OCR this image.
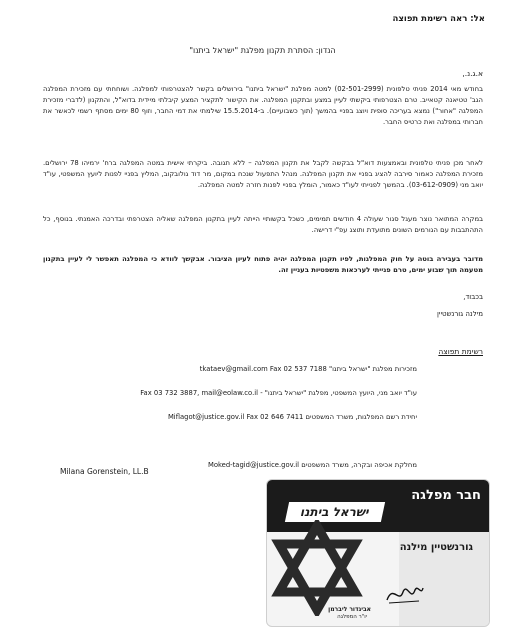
אל: ראה רשימת תפוצה
הנדון: הסתרת תקנון מפלגת "ישראל ביתנו"
א.ג.נ.,
בחודש מאי 2014 פניתי טלפונית (02-501-2999) למטה מפלגת "ישראל ביתנו" בירושלים בקשר להצטרפותי למפלגה. ושוחחתי עם מזכירת המפלגה הגב' טטיאנה קטאייב. טרם הצטרפותי ביקשתי לעיין במצע ובתקנון המפלגה. את הקישור לתקציר המצע קיבלתי מיידית בדוא"ל, והתקנון (לדברי מזכירת המפלגה "אחור") נמצא בעריכה סופית ויוצג בפניי בהמשך (תוך כשבועיים). ב-15.5.2014 שילמתי את דמי החבר, וזוף 80 ימים מסתף רשמי לכאשר את חברותי במפלגה ואת כרטיס החבר.
לאחר מכן פניתי טלפונית ובאמצעות דוא"ל בבקשה לקבל את תקנון המפלגה – ללא תגובה. ביקרתי אישית במטה המפלגה ברח' ירמיהו 78 ירושלים. מזכירת המפלגה כאמור סירבה להציג בפניי את תקנון המפלגה. מנהל התפעול שנכח במקום, מר דוד גולובקוב, המליץ בפניי לפנות ליועץ המשפטי, עו"ד יואב מני (03-612-0909). בהמשך לפנייתי לעו"ד כאמור, הומלץ בפניי לפנות חזרה למטה המפלגה.
במקרה המתואר נוצר מעגל סגור שעולה 4 חודשים תמימים, כשכל בקשותיי הייתה לעיין בתקנון המפלגה שאליה הצטרפתי ובדרכה האמנתי. בנוסף, כל התהתבבות עם הגורמים השונים מתועדת ותוצג עפ"י דרישה.
מדובר בעבירה בוטה על חוק המפלגות, לפיו תקנון המפלגה יהיה פתוח לעיון הציבור. אבקשך לוודא כי המפלגה תאפשר לי לעיין בתקנון מטעמה תוך שבוע ימים, טרם פנייתי לערכאות משפטיות בעניין זה.
בכבוד,
מילנה גורנשטיין
רשימת תפוצה
מזכירות מפלגת "ישראל ביתנו" tkataev@gmail.com Fax 02 537 7188
עו"ד יואב מני, היועץ המשפטי, מפלגת "ישראל ביתנו" - Fax 03 732 3887, mail@eolaw.co.il
יחידת רשם המפלגות, משרד המשפטים Miflagot@justice.gov.il Fax 02 646 7411
מחלקת אכיפה ובקרה, משרד המשפטים Moked-tagid@justice.gov.il
Milana Gorenstein, LL.B
חבר מפלגה
ישראל ביתנו
גורנשטיין מילנה
אביגדור ליברמן
יו"ר המפלגה
